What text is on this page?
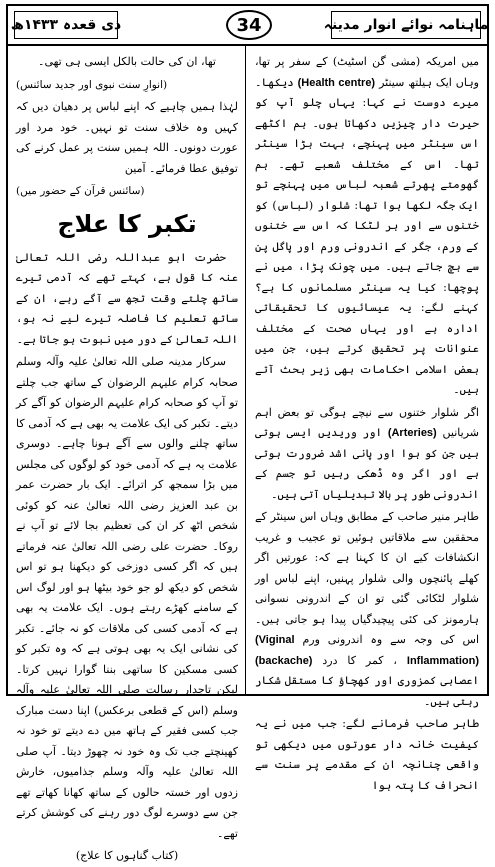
ذی قعدہ ۱۴۳۳ھ	34	ماہنامہ نوائے انوار مدینہ

میں امریکہ (مشی گن اسٹیٹ) کے سفر پر تھا، وہاں ایک ہیلتھ سینٹر (Health centre) دیکھا۔ میرے دوست نے کہا: یہاں چلو آپ کو حیرت دار چیزیں دکھاتا ہوں۔ ہم اکٹھے اس سینٹر میں پہنچے، بہت بڑا سینٹر تھا۔ اس کے مختلف شعبے تھے۔ ہم گھومتے پھرتے شعبہ لباس میں پہنچے تو ایک جگہ لکھا ہوا تھا: شلوار (لباس) کو ختنوں سے اور ہر لٹکا کہ اس سے ختنوں کے ورم، جگر کے اندرونی ورم اور پاگل پن سے بچ جاتے ہیں۔ میں چونک پڑا، میں نے پوچھا: کیا یہ سینٹر مسلمانوں کا ہے؟ کہنے لگے: یہ عیسائیوں کا تحقیقاتی ادارہ ہے اور یہاں صحت کے مختلف عنوانات پر تحقیق کرتے ہیں، جن میں بعض اسلامی احکامات بھی زیر بحث آتے ہیں۔

اگر شلوار ختنوں سے نیچے ہوگی تو بعض اہم شریانیں (Arteries) اور وریدیں ایسی ہوتی ہیں جن کو ہوا اور پانی اشد ضرورت ہوتی ہے اور اگر وہ ڈھکی رہیں تو جسم کے اندرونی طور پر بالا تبدیلیاں آتی ہیں۔

طاہر منیر صاحب کے مطابق وہاں اس سینٹر کے محققین سے ملاقاتیں ہوئیں تو عجیب و غریب انکشافات کیے ان کا کہنا ہے کہ: عورتیں اگر کھلے پائنچوں والی شلوار پہنیں، اپنے لباس اور شلوار لٹکائی گئی تو ان کے اندرونی نسوانی ہارمونز کی کئی پیچیدگیاں پیدا ہو جاتی ہیں۔ اس کی وجہ سے وہ اندرونی ورم (Viginal Inflammation) ، کمر کا درد (backache) اعصابی کمزوری اور کھچاؤ کا مستقل شکار رہتی ہیں۔

طاہر صاحب فرمانے لگے: جب میں نے یہ کیفیت خانہ دار عورتوں میں دیکھی تو واقعی چنانچہ ان کے مقدمے پر سنت سے انحراف کا پتہ ہوا

تھا، ان کی حالت بالکل ایسی ہی تھی۔

(انوارِ سنت نبوی اور جدید سائنس)

لہٰذا ہمیں چاہیے کہ اپنے لباس پر دھیان دیں کہ کہیں وہ خلاف سنت تو نہیں۔ خود مرد اور عورت دونوں۔ اللہ ہمیں سنت پر عمل کرنے کی توفیق عطا فرمائے۔ آمین

(سائنس قرآن کے حضور میں)

تکبر کا علاج

حضرت ابو عبداللہ رضی اللہ تعالیٰ عنہ کا قول ہے، کہتے تھے کہ آدمی تیرے ساتھ چلتے وقت تجھ سے آگے رہے، ان کے ساتھ تعلیم کا فاصلہ تیرے لیے نہ ہو، اللہ تعالیٰ کے دور میں نبوت ہو جاتا ہے۔

سرکار مدینہ صلی اللہ تعالیٰ علیہ وآلہ وسلم صحابہ کرام علیہم الرضوان کے ساتھ جب چلتے تو آپ کو صحابہ کرام علیہم الرضوان کو آگے کر دیتے۔ تکبر کی ایک علامت یہ بھی ہے کہ آدمی کا ساتھ چلنے والوں سے آگے ہونا چاہے۔ دوسری علامت یہ ہے کہ آدمی خود کو لوگوں کی مجلس میں بڑا سمجھ کر اترائے۔ ایک بار حضرت عمر بن عبد العزیز رضی اللہ تعالیٰ عنہ کو کوئی شخص اٹھ کر ان کی تعظیم بجا لائے تو آپ نے روکا۔ حضرت علی رضی اللہ تعالیٰ عنہ فرماتے ہیں کہ اگر کسی دوزخی کو دیکھنا ہو تو اس شخص کو دیکھ لو جو خود بیٹھا ہو اور لوگ اس کے سامنے کھڑے رہتے ہوں۔ ایک علامت یہ بھی ہے کہ آدمی کسی کی ملاقات کو نہ جائے۔ تکبر کی نشانی ایک یہ بھی ہوتی ہے کہ وہ تکبر کو کسی مسکین کا ساتھی بننا گوارا نہیں کرتا۔ لیکن تاجدار رسالت صلی اللہ تعالیٰ علیہ وآلہ وسلم (اس کے قطعی برعکس) اپنا دست مبارک جب کسی فقیر کے ہاتھ میں دے دیتے تو خود نہ کھینچتے جب تک وہ خود نہ چھوڑ دیتا۔ آپ صلی اللہ تعالیٰ علیہ وآلہ وسلم جذامیوں، خارش زدوں اور خستہ حالوں کے ساتھ کھانا کھاتے تھے جن سے دوسرے لوگ دور رہنے کی کوشش کرتے تھے۔

(کتاب گناہوں کا علاج)
